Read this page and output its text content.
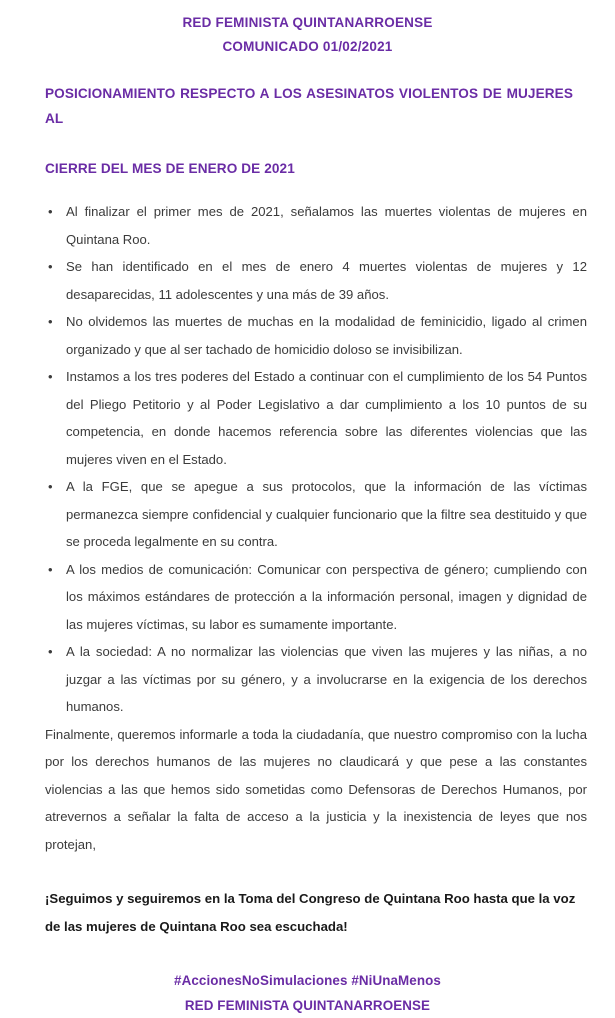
RED FEMINISTA QUINTANARROENSE
COMUNICADO 01/02/2021
POSICIONAMIENTO RESPECTO A LOS ASESINATOS VIOLENTOS DE MUJERES AL
CIERRE DEL MES DE ENERO DE 2021
• Al finalizar el primer mes de 2021, señalamos las muertes violentas de mujeres en Quintana Roo.
• Se han identificado en el mes de enero 4 muertes violentas de mujeres y 12 desaparecidas, 11 adolescentes y una más de 39 años.
• No olvidemos las muertes de muchas en la modalidad de feminicidio, ligado al crimen organizado y que al ser tachado de homicidio doloso se invisibilizan.
• Instamos a los tres poderes del Estado a continuar con el cumplimiento de los 54 Puntos del Pliego Petitorio y al Poder Legislativo a dar cumplimiento a los 10 puntos de su competencia, en donde hacemos referencia sobre las diferentes violencias que las mujeres viven en el Estado.
• A la FGE, que se apegue a sus protocolos, que la información de las víctimas permanezca siempre confidencial y cualquier funcionario que la filtre sea destituido y que se proceda legalmente en su contra.
• A los medios de comunicación: Comunicar con perspectiva de género; cumpliendo con los máximos estándares de protección a la información personal, imagen y dignidad de las mujeres víctimas, su labor es sumamente importante.
• A la sociedad: A no normalizar las violencias que viven las mujeres y las niñas, a no juzgar a las víctimas por su género, y a involucrarse en la exigencia de los derechos humanos.

Finalmente, queremos informarle a toda la ciudadanía, que nuestro compromiso con la lucha por los derechos humanos de las mujeres no claudicará y que pese a las constantes violencias a las que hemos sido sometidas como Defensoras de Derechos Humanos, por atrevernos a señalar la falta de acceso a la justicia y la inexistencia de leyes que nos protejan,

¡Seguimos y seguiremos en la Toma del Congreso de Quintana Roo hasta que la voz de las mujeres de Quintana Roo sea escuchada!
#AccionesNoSimulaciones #NiUnaMenos
RED FEMINISTA QUINTANARROENSE
